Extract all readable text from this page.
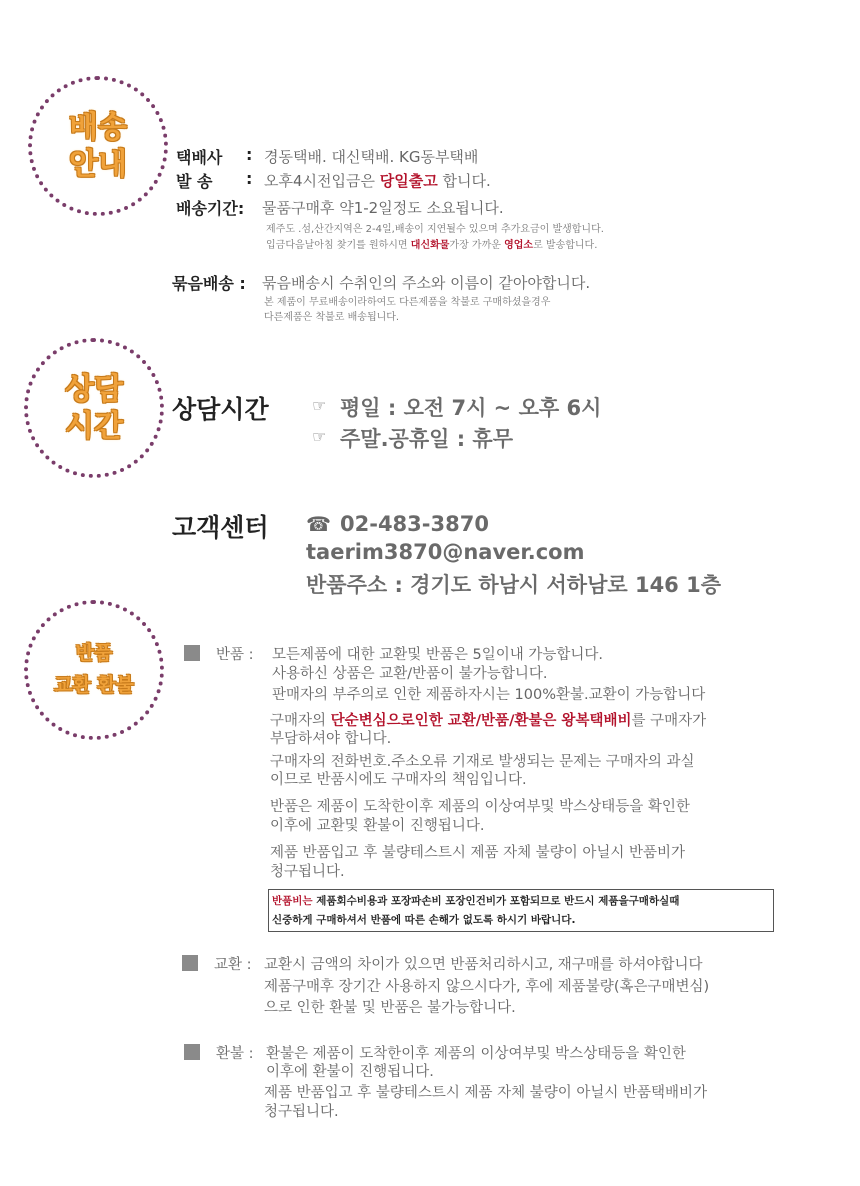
배송
안내	택배사 : 경동택배. 대신택배. KG동부택배
발 송 : 오후4시전입금은 당일출고 합니다.
배송기간: 물품구매후 약1-2일정도 소요됩니다.
제주도 .섬,산간지역은 2-4일,배송이 지연될수 있으며 추가요금이 발생합니다.
입금다음날아침 찾기를 원하시면 대신화물가장 가까운 영업소로 발송합니다.
묶음배송 : 묶음배송시 수취인의 주소와 이름이 같아야합니다.
본 제품이 무료배송이라하여도 다른제품을 착불로 구매하셨을경우
다른제품은 착불로 배송됩니다.
상담
시간 상담시간	☞ 평일 : 오전 7시 ~ 오후 6시
☞ 주말.공휴일 : 휴무
고객센터 ☎ 02-483-3870
taerim3870@naver.com
반품주소 : 경기도 하남시 서하남로 146 1층
반품
교환 환불
반품 : 모든제품에 대한 교환및 반품은 5일이내 가능합니다.
사용하신 상품은 교환/반품이 불가능합니다.
판매자의 부주의로 인한 제품하자시는 100%환불.교환이 가능합니다
구매자의 단순변심으로인한 교환/반품/환불은 왕복택배비를 구매자가
부담하셔야 합니다.
구매자의 전화번호.주소오류 기재로 발생되는 문제는 구매자의 과실
이므로 반품시에도 구매자의 책임입니다.
반품은 제품이 도착한이후 제품의 이상여부및 박스상태등을 확인한
이후에 교환및 환불이 진행됩니다.
제품 반품입고 후 불량테스트시 제품 자체 불량이 아닐시 반품비가
청구됩니다.
반품비는 제품회수비용과 포장파손비 포장인건비가 포함되므로 반드시 제품을구매하실때
신중하게 구매하셔서 반품에 따른 손해가 없도록 하시기 바랍니다.
교환 : 교환시 금액의 차이가 있으면 반품처리하시고, 재구매를 하셔야합니다
제품구매후 장기간 사용하지 않으시다가, 후에 제품불량(혹은구매변심)
으로 인한 환불 및 반품은 불가능합니다.
환불 : 환불은 제품이 도착한이후 제품의 이상여부및 박스상태등을 확인한
이후에 환불이 진행됩니다.
제품 반품입고 후 불량테스트시 제품 자체 불량이 아닐시 반품택배비가
청구됩니다.
